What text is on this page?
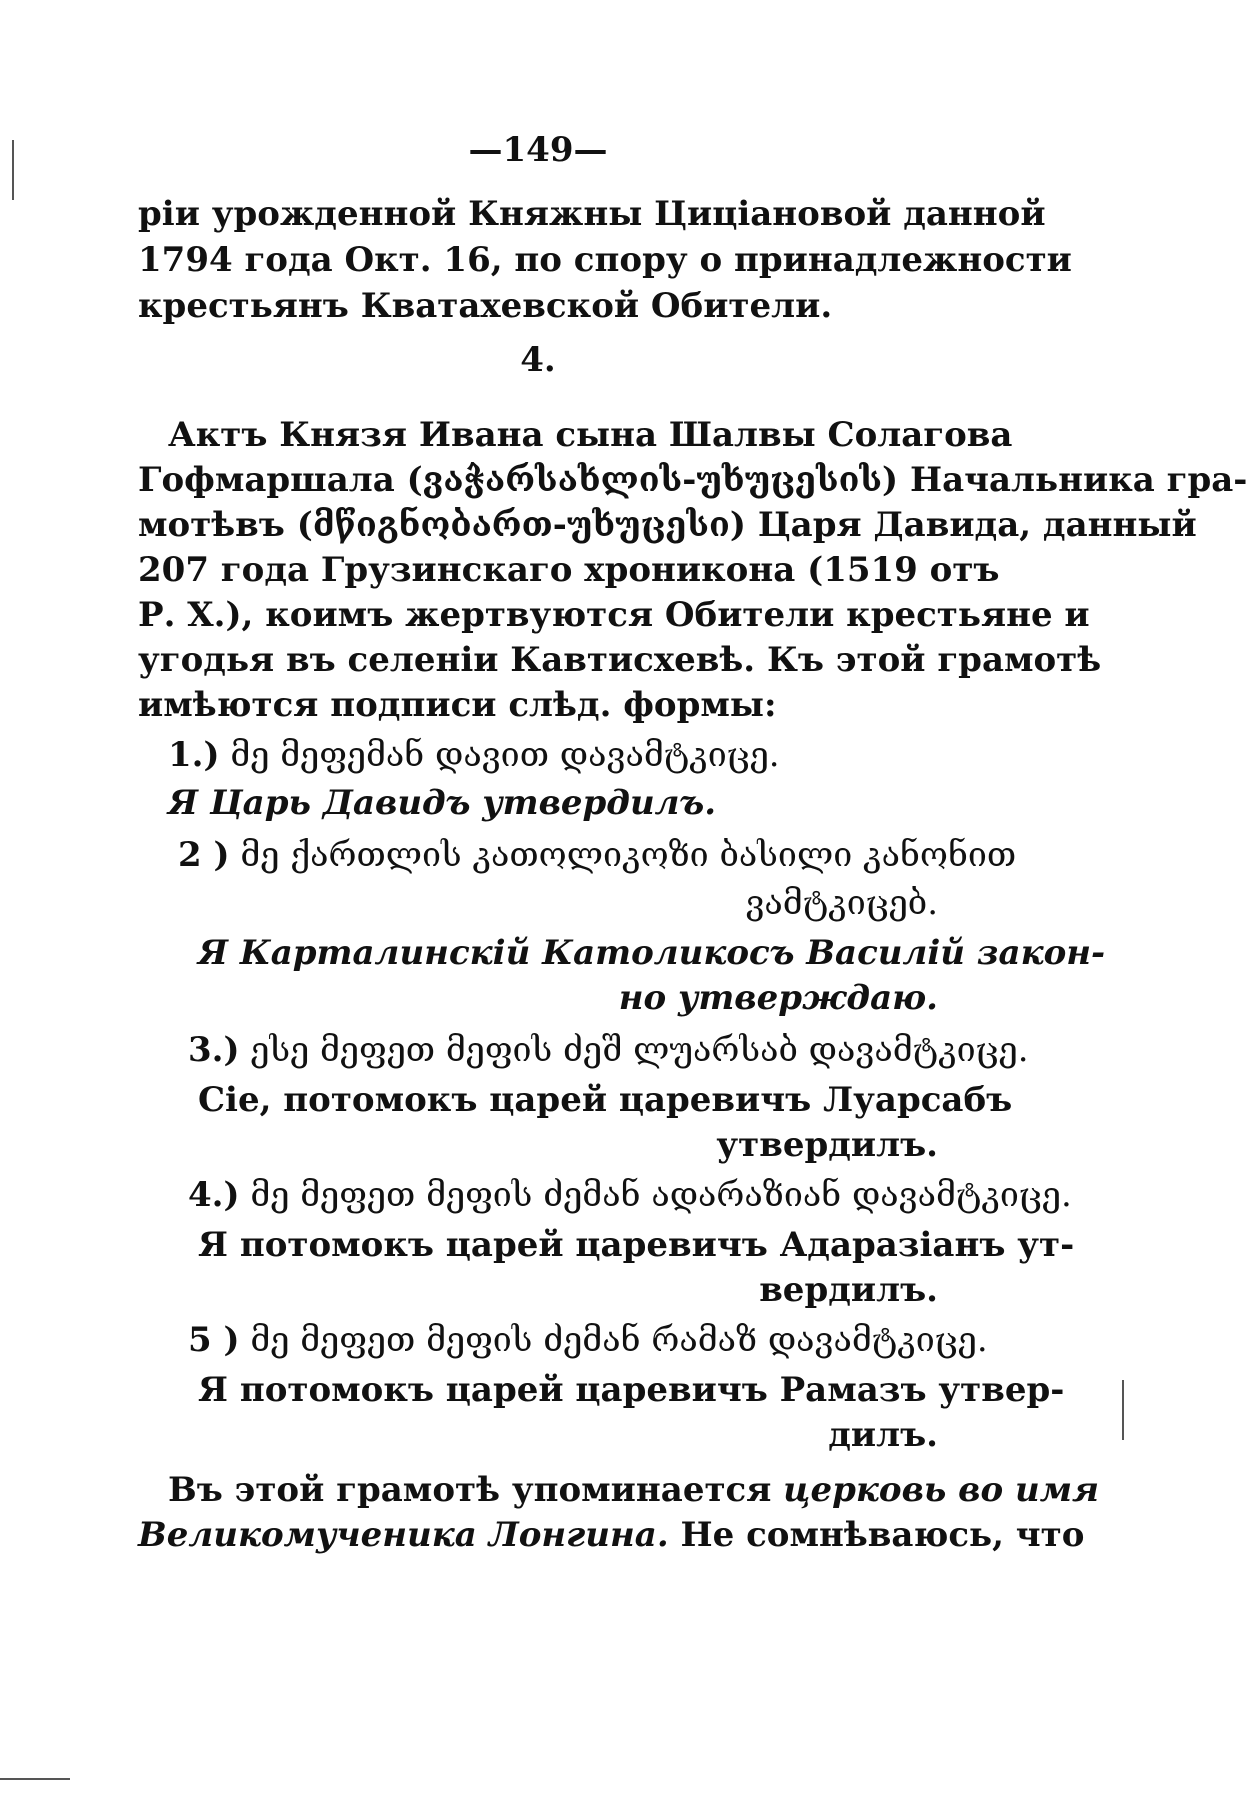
—149—
рiи урожденной Княжны Цицiановой данной
1794 года Окт. 16, по спору о принадлежности
крестьянъ Кватахевской Обители.
4.
Актъ Князя Ивана сына Шалвы Солагова
Гофмаршала (ვაჭარსახლის-უხუცესის) Начальника гра-
мотѣвъ (მწიგნობართ-უხუცესი) Царя Давида, данный
207 года Грузинскаго хроникона (1519 отъ
Р. Х.), коимъ жертвуются Обители крестьяне и
угодья въ селенiи Кавтисхевѣ. Къ этой грамотѣ
имѣются подписи слѣд. формы:
1.) მე მეფემან დავით დავამტკიცე.
Я Царь Давидъ утвердилъ.
2 ) მე ქართლის კათოლიკოზი ბასილი კანონით
ვამტკიცებ.
Я Карталинскiй Католикосъ Василiй закон-
но утверждаю.
3.) ესე მეფეთ მეფის ძეშ ლუარსაბ დავამტკიცე.
Сiе, потомокъ царей царевичъ Луарсабъ
утвердилъ.
4.) მე მეფეთ მეფის ძემან ადარაზიან დავამტკიცე.
Я потомокъ царей царевичъ Адаразiанъ ут-
вердилъ.
5 ) მე მეფეთ მეფის ძემან რამაზ დავამტკიცე.
Я потомокъ царей царевичъ Рамазъ утвер-
дилъ.
Въ этой грамотѣ упоминается церковь во имя
Великомученика Лонгина. Не сомнѣваюсь, что
